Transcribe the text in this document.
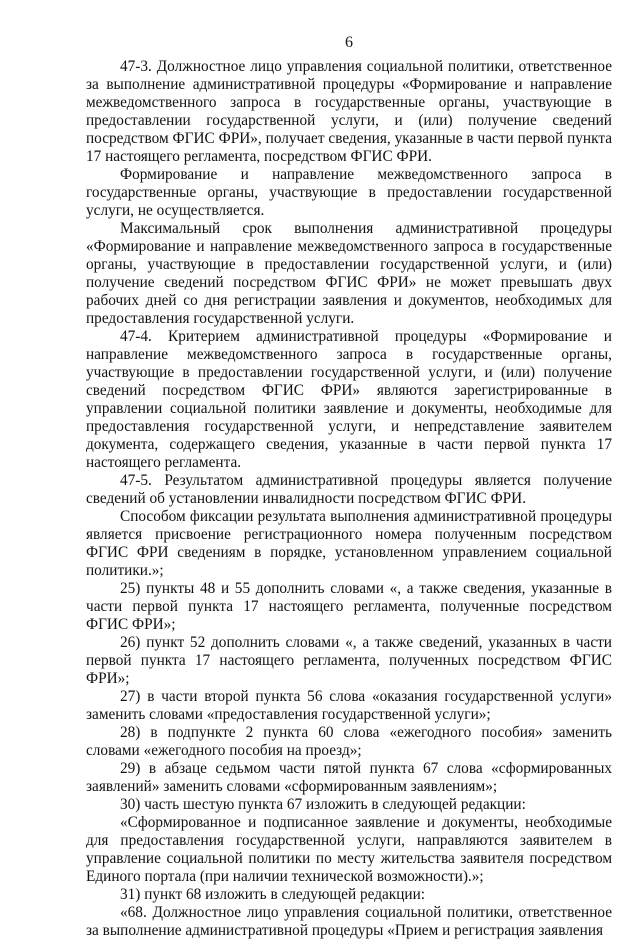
6

47-3. Должностное лицо управления социальной политики, ответственное за выполнение административной процедуры «Формирование и направление межведомственного запроса в государственные органы, участвующие в предоставлении государственной услуги, и (или) получение сведений посредством ФГИС ФРИ», получает сведения, указанные в части первой пункта 17 настоящего регламента, посредством ФГИС ФРИ.

Формирование и направление межведомственного запроса в государственные органы, участвующие в предоставлении государственной услуги, не осуществляется.

Максимальный срок выполнения административной процедуры «Формирование и направление межведомственного запроса в государственные органы, участвующие в предоставлении государственной услуги, и (или) получение сведений посредством ФГИС ФРИ» не может превышать двух рабочих дней со дня регистрации заявления и документов, необходимых для предоставления государственной услуги.

47-4. Критерием административной процедуры «Формирование и направление межведомственного запроса в государственные органы, участвующие в предоставлении государственной услуги, и (или) получение сведений посредством ФГИС ФРИ» являются зарегистрированные в управлении социальной политики заявление и документы, необходимые для предоставления государственной услуги, и непредставление заявителем документа, содержащего сведения, указанные в части первой пункта 17 настоящего регламента.

47-5. Результатом административной процедуры является получение сведений об установлении инвалидности посредством ФГИС ФРИ.

Способом фиксации результата выполнения административной процедуры является присвоение регистрационного номера полученным посредством ФГИС ФРИ сведениям в порядке, установленном управлением социальной политики.»;

25) пункты 48 и 55 дополнить словами «, а также сведения, указанные в части первой пункта 17 настоящего регламента, полученные посредством ФГИС ФРИ»;

26) пункт 52 дополнить словами «, а также сведений, указанных в части первой пункта 17 настоящего регламента, полученных посредством ФГИС ФРИ»;

27) в части второй пункта 56 слова «оказания государственной услуги» заменить словами «предоставления государственной услуги»;

28) в подпункте 2 пункта 60 слова «ежегодного пособия» заменить словами «ежегодного пособия на проезд»;

29) в абзаце седьмом части пятой пункта 67 слова «сформированных заявлений» заменить словами «сформированным заявлениям»;

30) часть шестую пункта 67 изложить в следующей редакции:

«Сформированное и подписанное заявление и документы, необходимые для предоставления государственной услуги, направляются заявителем в управление социальной политики по месту жительства заявителя посредством Единого портала (при наличии технической возможности).»;

31) пункт 68 изложить в следующей редакции:

«68. Должностное лицо управления социальной политики, ответственное за выполнение административной процедуры «Прием и регистрация заявления
